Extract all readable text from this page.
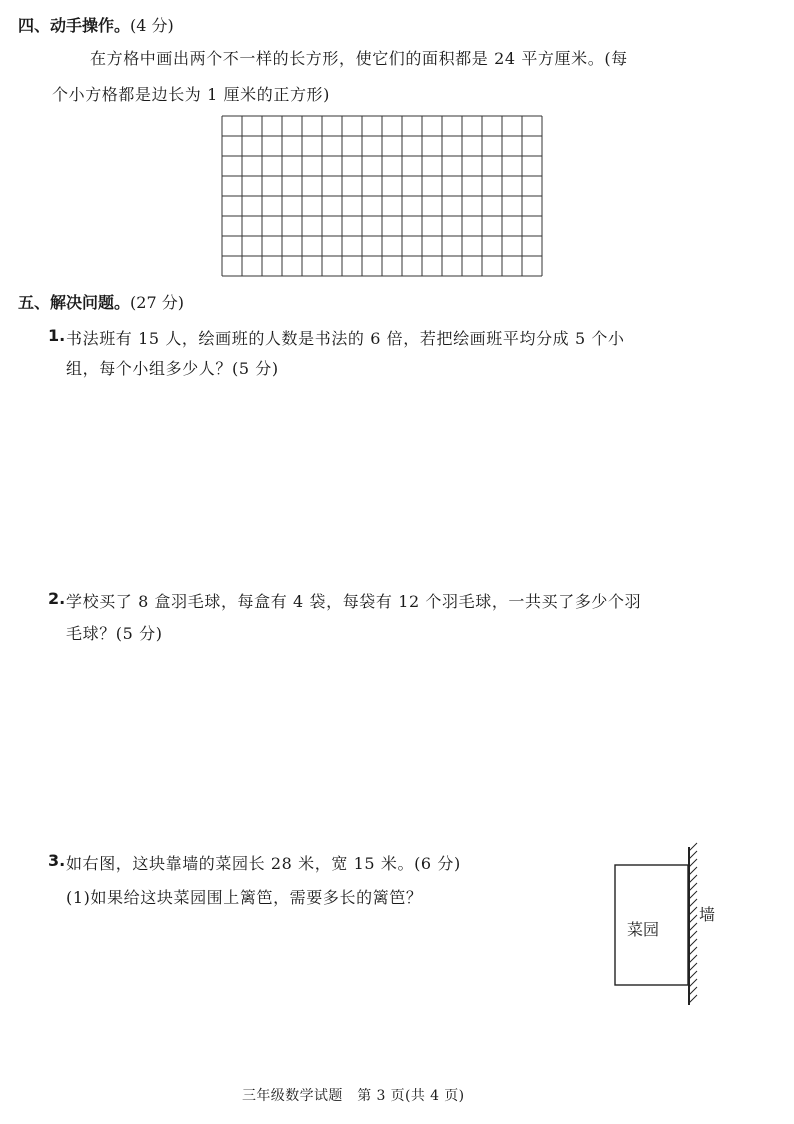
四、动手操作。(4 分)
在方格中画出两个不一样的长方形，使它们的面积都是 24 平方厘米。(每
个小方格都是边长为 1 厘米的正方形)
五、解决问题。(27 分)
1. 书法班有 15 人，绘画班的人数是书法的 6 倍，若把绘画班平均分成 5 个小
组，每个小组多少人？(5 分)
2. 学校买了 8 盒羽毛球，每盒有 4 袋，每袋有 12 个羽毛球，一共买了多少个羽
毛球？(5 分)
3. 如右图，这块靠墙的菜园长 28 米，宽 15 米。(6 分)
(1)如果给这块菜园围上篱笆，需要多长的篱笆？
菜园
墙
三年级数学试题　第 3 页(共 4 页)
